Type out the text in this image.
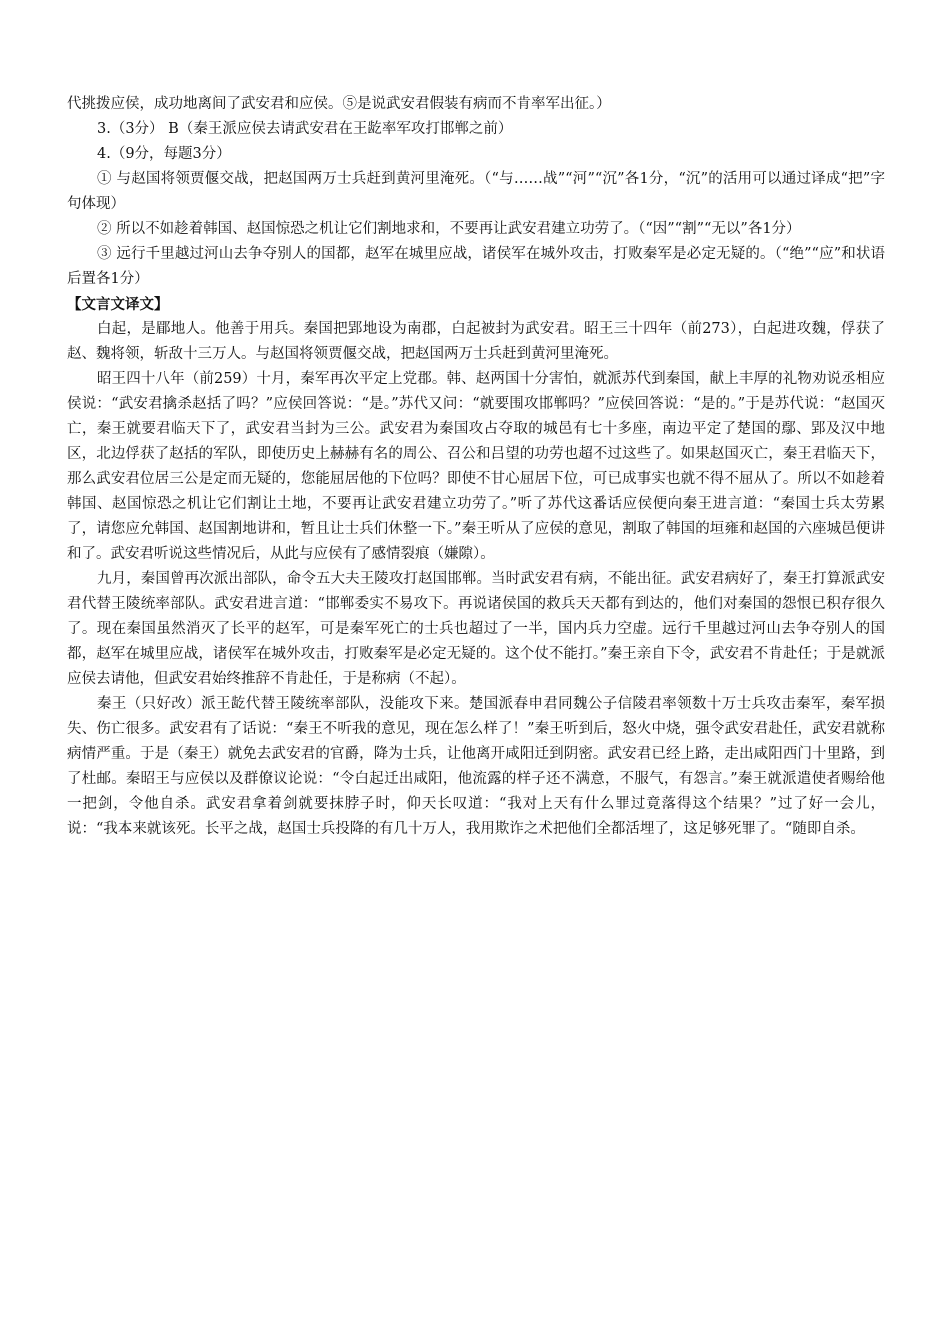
代挑拨应侯，成功地离间了武安君和应侯。⑤是说武安君假装有病而不肯率军出征。）

3.（3分） B（秦王派应侯去请武安君在王龁率军攻打邯郸之前）

4.（9分，每题3分）

① 与赵国将领贾偃交战，把赵国两万士兵赶到黄河里淹死。（“与……战”“河”“沉”各1分，“沉”的活用可以通过译成“把”字句体现）

② 所以不如趁着韩国、赵国惊恐之机让它们割地求和，不要再让武安君建立功劳了。（“因”“割”“无以”各1分）

③ 远行千里越过河山去争夺别人的国都，赵军在城里应战，诸侯军在城外攻击，打败秦军是必定无疑的。（“绝”“应”和状语后置各1分）

【文言文译文】

白起，是郿地人。他善于用兵。秦国把郢地设为南郡，白起被封为武安君。昭王三十四年（前273），白起进攻魏，俘获了赵、魏将领，斩敌十三万人。与赵国将领贾偃交战，把赵国两万士兵赶到黄河里淹死。

昭王四十八年（前259）十月，秦军再次平定上党郡。韩、赵两国十分害怕，就派苏代到秦国，献上丰厚的礼物劝说丞相应侯说：“武安君擒杀赵括了吗？”应侯回答说：“是。”苏代又问：“就要围攻邯郸吗？”应侯回答说：“是的。”于是苏代说：“赵国灭亡，秦王就要君临天下了，武安君当封为三公。武安君为秦国攻占夺取的城邑有七十多座，南边平定了楚国的鄢、郢及汉中地区，北边俘获了赵括的军队，即使历史上赫赫有名的周公、召公和吕望的功劳也超不过这些了。如果赵国灭亡，秦王君临天下，那么武安君位居三公是定而无疑的，您能屈居他的下位吗？即使不甘心屈居下位，可已成事实也就不得不屈从了。所以不如趁着韩国、赵国惊恐之机让它们割让土地，不要再让武安君建立功劳了。”听了苏代这番话应侯便向秦王进言道：“秦国士兵太劳累了，请您应允韩国、赵国割地讲和，暂且让士兵们休整一下。”秦王听从了应侯的意见，割取了韩国的垣雍和赵国的六座城邑便讲和了。武安君听说这些情况后，从此与应侯有了感情裂痕（嫌隙）。

九月，秦国曾再次派出部队，命令五大夫王陵攻打赵国邯郸。当时武安君有病，不能出征。武安君病好了，秦王打算派武安君代替王陵统率部队。武安君进言道：“邯郸委实不易攻下。再说诸侯国的救兵天天都有到达的，他们对秦国的怨恨已积存很久了。现在秦国虽然消灭了长平的赵军，可是秦军死亡的士兵也超过了一半，国内兵力空虚。远行千里越过河山去争夺别人的国都，赵军在城里应战，诸侯军在城外攻击，打败秦军是必定无疑的。这个仗不能打。”秦王亲自下令，武安君不肯赴任；于是就派应侯去请他，但武安君始终推辞不肯赴任，于是称病（不起）。

秦王（只好改）派王龁代替王陵统率部队，没能攻下来。楚国派春申君同魏公子信陵君率领数十万士兵攻击秦军，秦军损失、伤亡很多。武安君有了话说：“秦王不听我的意见，现在怎么样了！”秦王听到后，怒火中烧，强令武安君赴任，武安君就称病情严重。于是（秦王）就免去武安君的官爵，降为士兵，让他离开咸阳迁到阴密。武安君已经上路，走出咸阳西门十里路，到了杜邮。秦昭王与应侯以及群僚议论说：“令白起迁出咸阳，他流露的样子还不满意，不服气，有怨言。”秦王就派遣使者赐给他一把剑，令他自杀。武安君拿着剑就要抹脖子时，仰天长叹道：“我对上天有什么罪过竟落得这个结果？”过了好一会儿，说：“我本来就该死。长平之战，赵国士兵投降的有几十万人，我用欺诈之术把他们全都活埋了，这足够死罪了。“随即自杀。
